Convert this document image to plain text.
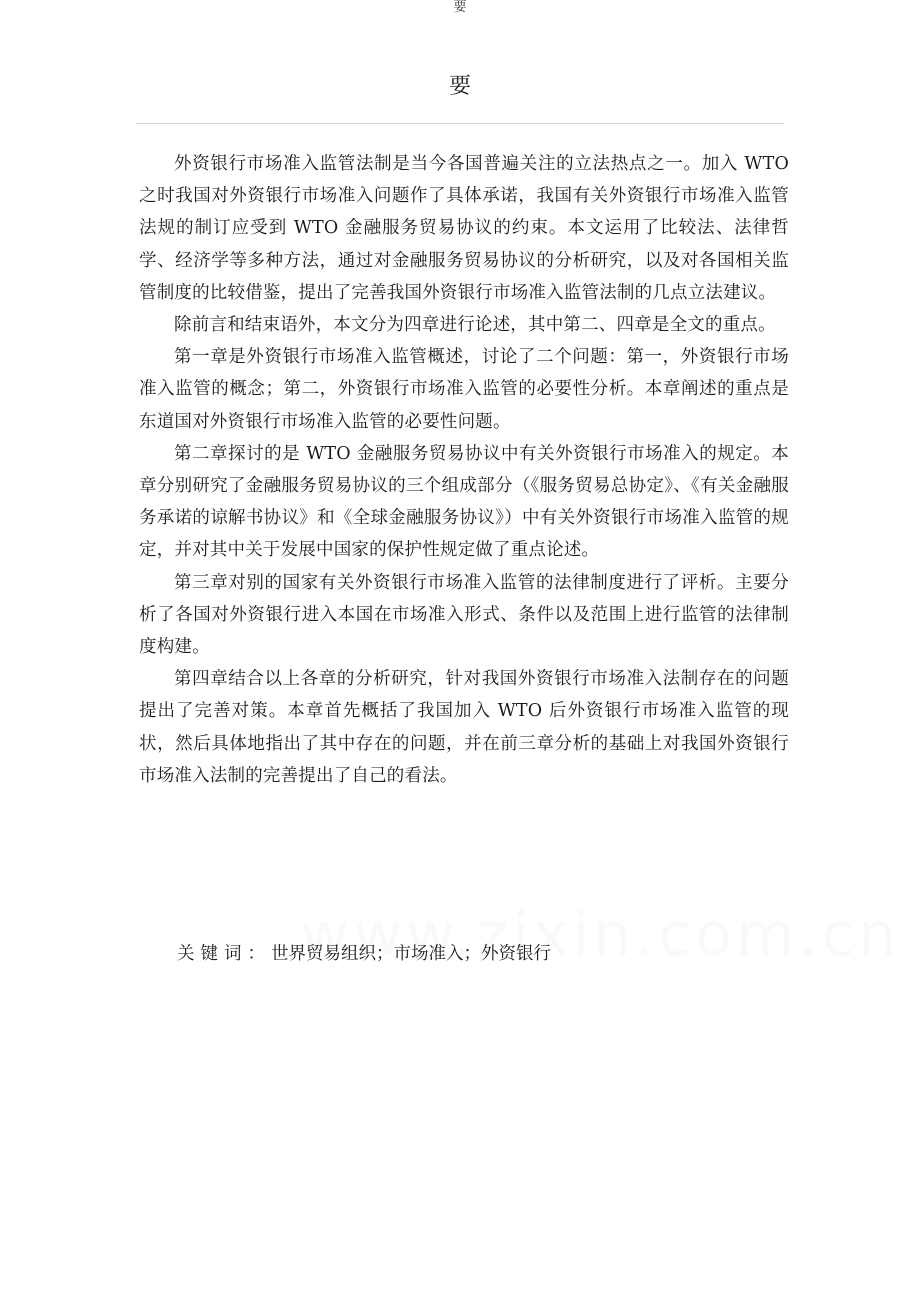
要
要

外资银行市场准入监管法制是当今各国普遍关注的立法热点之一。加入 WTO 之时我国对外资银行市场准入问题作了具体承诺，我国有关外资银行市场准入监管法规的制订应受到 WTO 金融服务贸易协议的约束。本文运用了比较法、法律哲学、经济学等多种方法，通过对金融服务贸易协议的分析研究，以及对各国相关监管制度的比较借鉴，提出了完善我国外资银行市场准入监管法制的几点立法建议。

除前言和结束语外，本文分为四章进行论述，其中第二、四章是全文的重点。

第一章是外资银行市场准入监管概述，讨论了二个问题：第一，外资银行市场准入监管的概念；第二，外资银行市场准入监管的必要性分析。本章阐述的重点是东道国对外资银行市场准入监管的必要性问题。

第二章探讨的是 WTO 金融服务贸易协议中有关外资银行市场准入的规定。本章分别研究了金融服务贸易协议的三个组成部分（《服务贸易总协定》、《有关金融服务承诺的谅解书协议》和《全球金融服务协议》）中有关外资银行市场准入监管的规定，并对其中关于发展中国家的保护性规定做了重点论述。

第三章对别的国家有关外资银行市场准入监管的法律制度进行了评析。主要分析了各国对外资银行进入本国在市场准入形式、条件以及范围上进行监管的法律制度构建。

第四章结合以上各章的分析研究，针对我国外资银行市场准入法制存在的问题提出了完善对策。本章首先概括了我国加入 WTO 后外资银行市场准入监管的现状，然后具体地指出了其中存在的问题，并在前三章分析的基础上对我国外资银行市场准入法制的完善提出了自己的看法。

关键词：世界贸易组织；市场准入；外资银行
